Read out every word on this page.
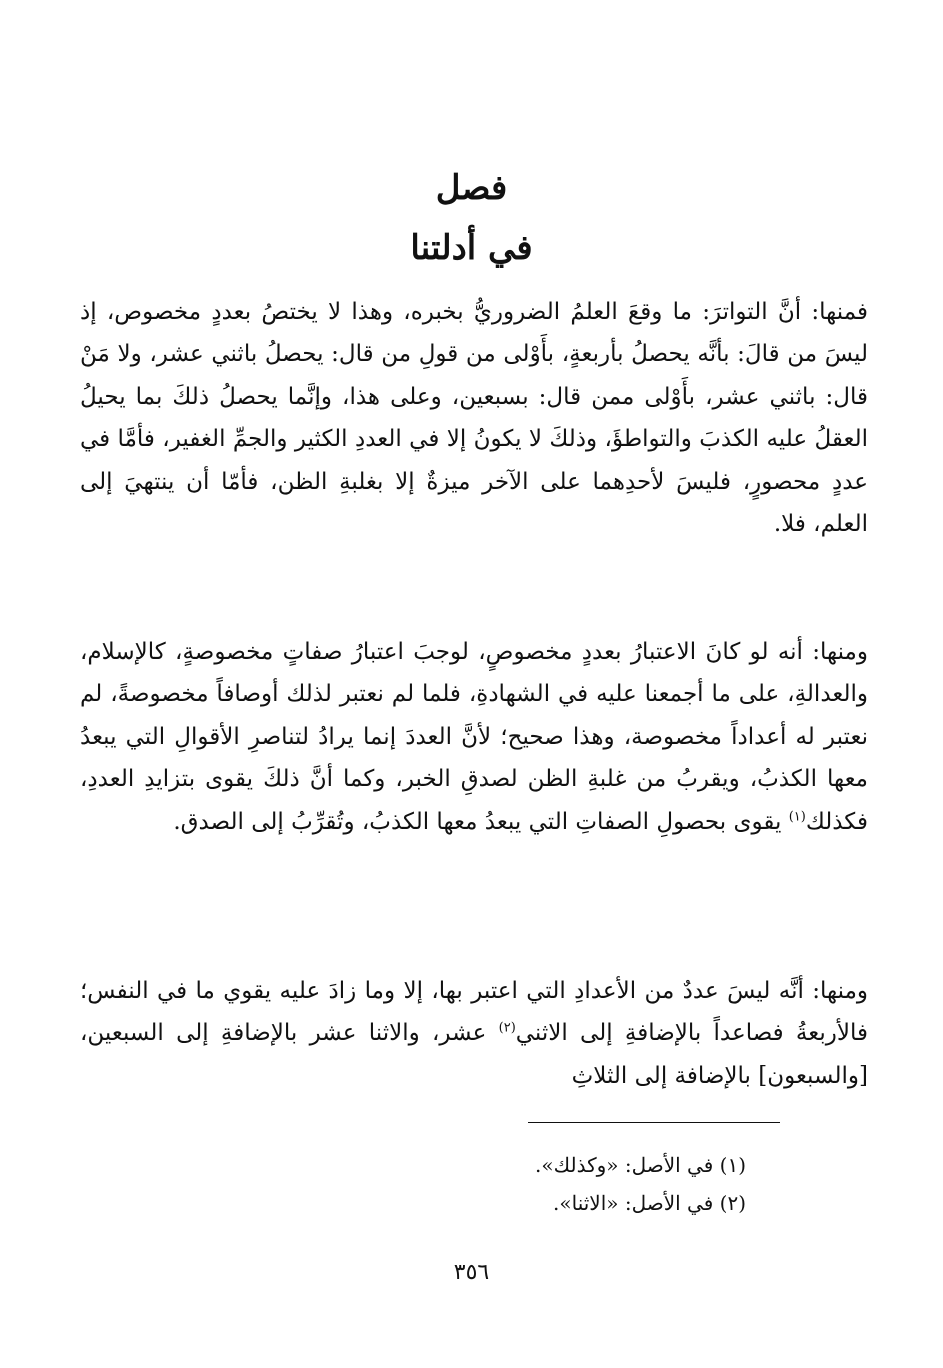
فصل
في أدلتنا

فمنها: أنَّ التواترَ: ما وقعَ العلمُ الضروريُّ بخبره، وهذا لا يختصُ بعددٍ مخصوص، إذ ليسَ من قالَ: بأنَّه يحصلُ بأربعةٍ، بأَوْلى من قولِ من قال: يحصلُ باثني عشر، ولا مَنْ قال: باثني عشر، بأَوْلى ممن قال: بسبعين، وعلى هذا، وإنَّما يحصلُ ذلكَ بما يحيلُ العقلُ عليه الكذبَ والتواطؤَ، وذلكَ لا يكونُ إلا في العددِ الكثير والجمِّ الغفير، فأمَّا في عددٍ محصورٍ، فليسَ لأحدِهما على الآخر ميزةٌ إلا بغلبةِ الظن، فأمّا أن ينتهيَ إلى العلم، فلا.

ومنها: أنه لو كانَ الاعتبارُ بعددٍ مخصوصٍ، لوجبَ اعتبارُ صفاتٍ مخصوصةٍ، كالإسلام، والعدالةِ، على ما أجمعنا عليه في الشهادةِ، فلما لم نعتبر لذلك أوصافاً مخصوصةً، لم نعتبر له أعداداً مخصوصة، وهذا صحيح؛ لأنَّ العددَ إنما يرادُ لتناصرِ الأقوالِ التي يبعدُ معها الكذبُ، ويقربُ من غلبةِ الظن لصدقِ الخبر، وكما أنَّ ذلكَ يقوى بتزايدِ العددِ، فكذلك$^{(١)}$ يقوى بحصولِ الصفاتِ التي يبعدُ معها الكذبُ، وتُقرِّبُ إلى الصدق.

ومنها: أنَّه ليسَ عددٌ من الأعدادِ التي اعتبر بها، إلا وما زادَ عليه يقوي ما في النفس؛ فالأربعةُ فصاعداً بالإضافةِ إلى الاثني$^{(٢)}$ عشر، والاثنا عشر بالإضافةِ إلى السبعين،[والسبعون] بالإضافة إلى الثلاثِ

(١) في الأصل: «وكذلك».
(٢) في الأصل: «الاثنا».
٣٥٦
